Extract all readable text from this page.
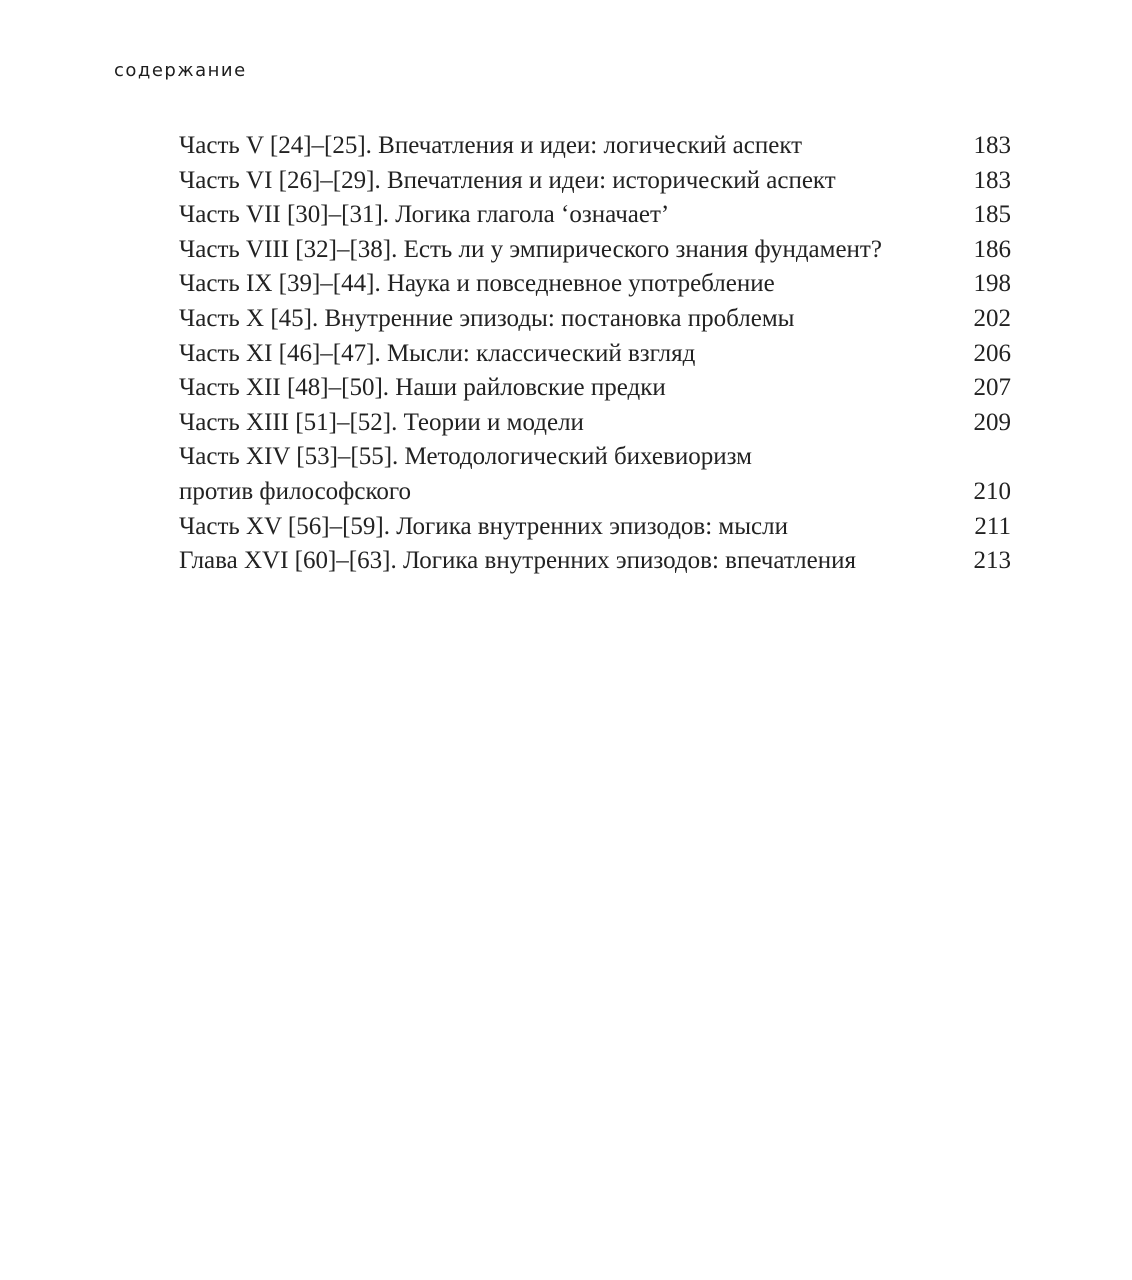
содержание
Часть V [24]–[25]. Впечатления и идеи: логический аспект	183
Часть VI [26]–[29]. Впечатления и идеи: исторический аспект	183
Часть VII [30]–[31]. Логика глагола ‘означает’	185
Часть VIII [32]–[38]. Есть ли у эмпирического знания фундамент?	186
Часть IX [39]–[44]. Наука и повседневное употребление	198
Часть X [45]. Внутренние эпизоды: постановка проблемы	202
Часть XI [46]–[47]. Мысли: классический взгляд	206
Часть XII [48]–[50]. Наши райловские предки	207
Часть XIII [51]–[52]. Теории и модели	209
Часть XIV [53]–[55]. Методологический бихевиоризм
против философского	210
Часть XV [56]–[59]. Логика внутренних эпизодов: мысли	211
Глава XVI [60]–[63]. Логика внутренних эпизодов: впечатления	213
